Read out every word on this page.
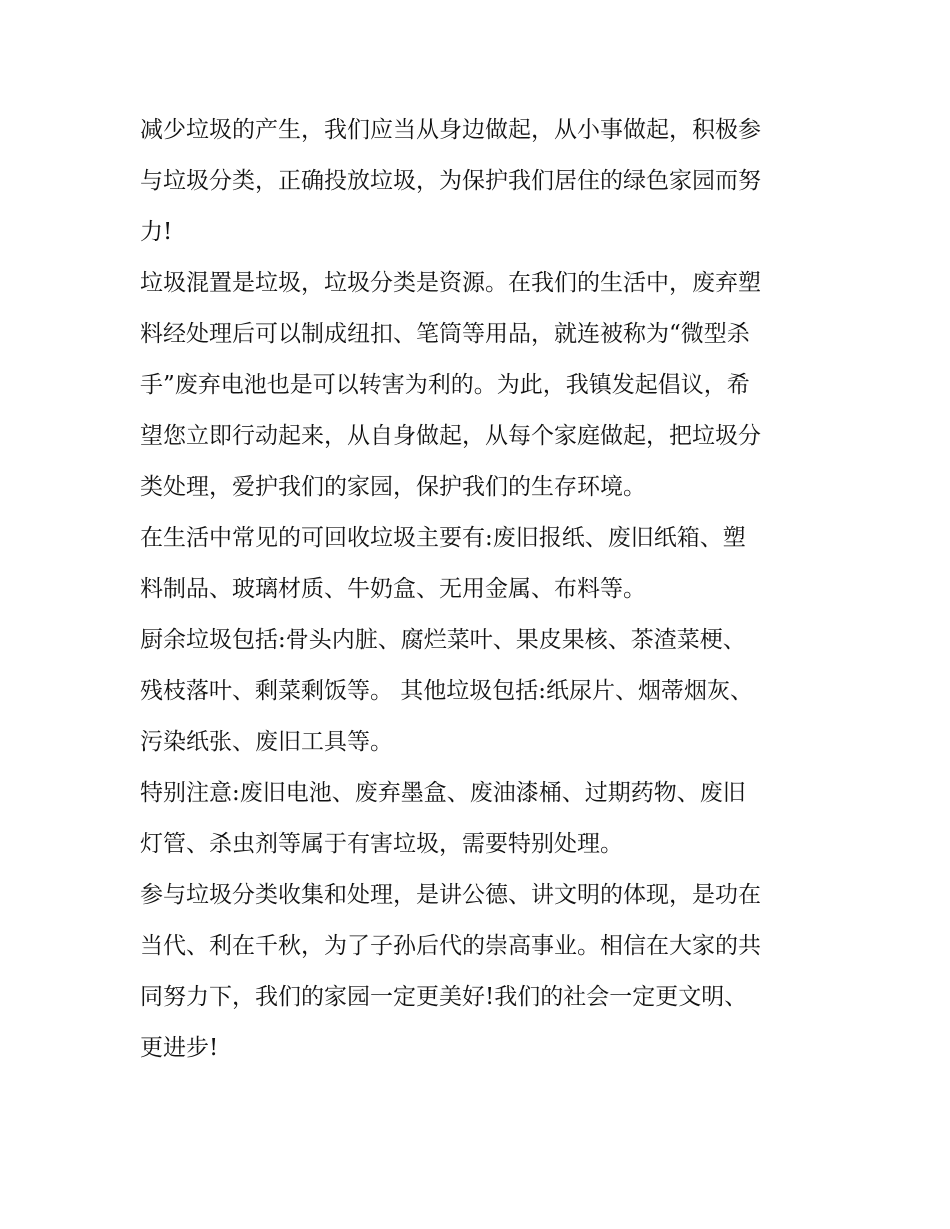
减少垃圾的产生，我们应当从身边做起，从小事做起，积极参
与垃圾分类，正确投放垃圾，为保护我们居住的绿色家园而努
力!
垃圾混置是垃圾，垃圾分类是资源。在我们的生活中，废弃塑
料经处理后可以制成纽扣、笔筒等用品，就连被称为“微型杀
手”废弃电池也是可以转害为利的。为此，我镇发起倡议，希
望您立即行动起来，从自身做起，从每个家庭做起，把垃圾分
类处理，爱护我们的家园，保护我们的生存环境。
在生活中常见的可回收垃圾主要有:废旧报纸、废旧纸箱、塑
料制品、玻璃材质、牛奶盒、无用金属、布料等。
厨余垃圾包括:骨头内脏、腐烂菜叶、果皮果核、茶渣菜梗、
残枝落叶、剩菜剩饭等。 其他垃圾包括:纸尿片、烟蒂烟灰、
污染纸张、废旧工具等。
特别注意:废旧电池、废弃墨盒、废油漆桶、过期药物、废旧
灯管、杀虫剂等属于有害垃圾，需要特别处理。
参与垃圾分类收集和处理，是讲公德、讲文明的体现，是功在
当代、利在千秋，为了子孙后代的崇高事业。相信在大家的共
同努力下，我们的家园一定更美好!我们的社会一定更文明、
更进步!
